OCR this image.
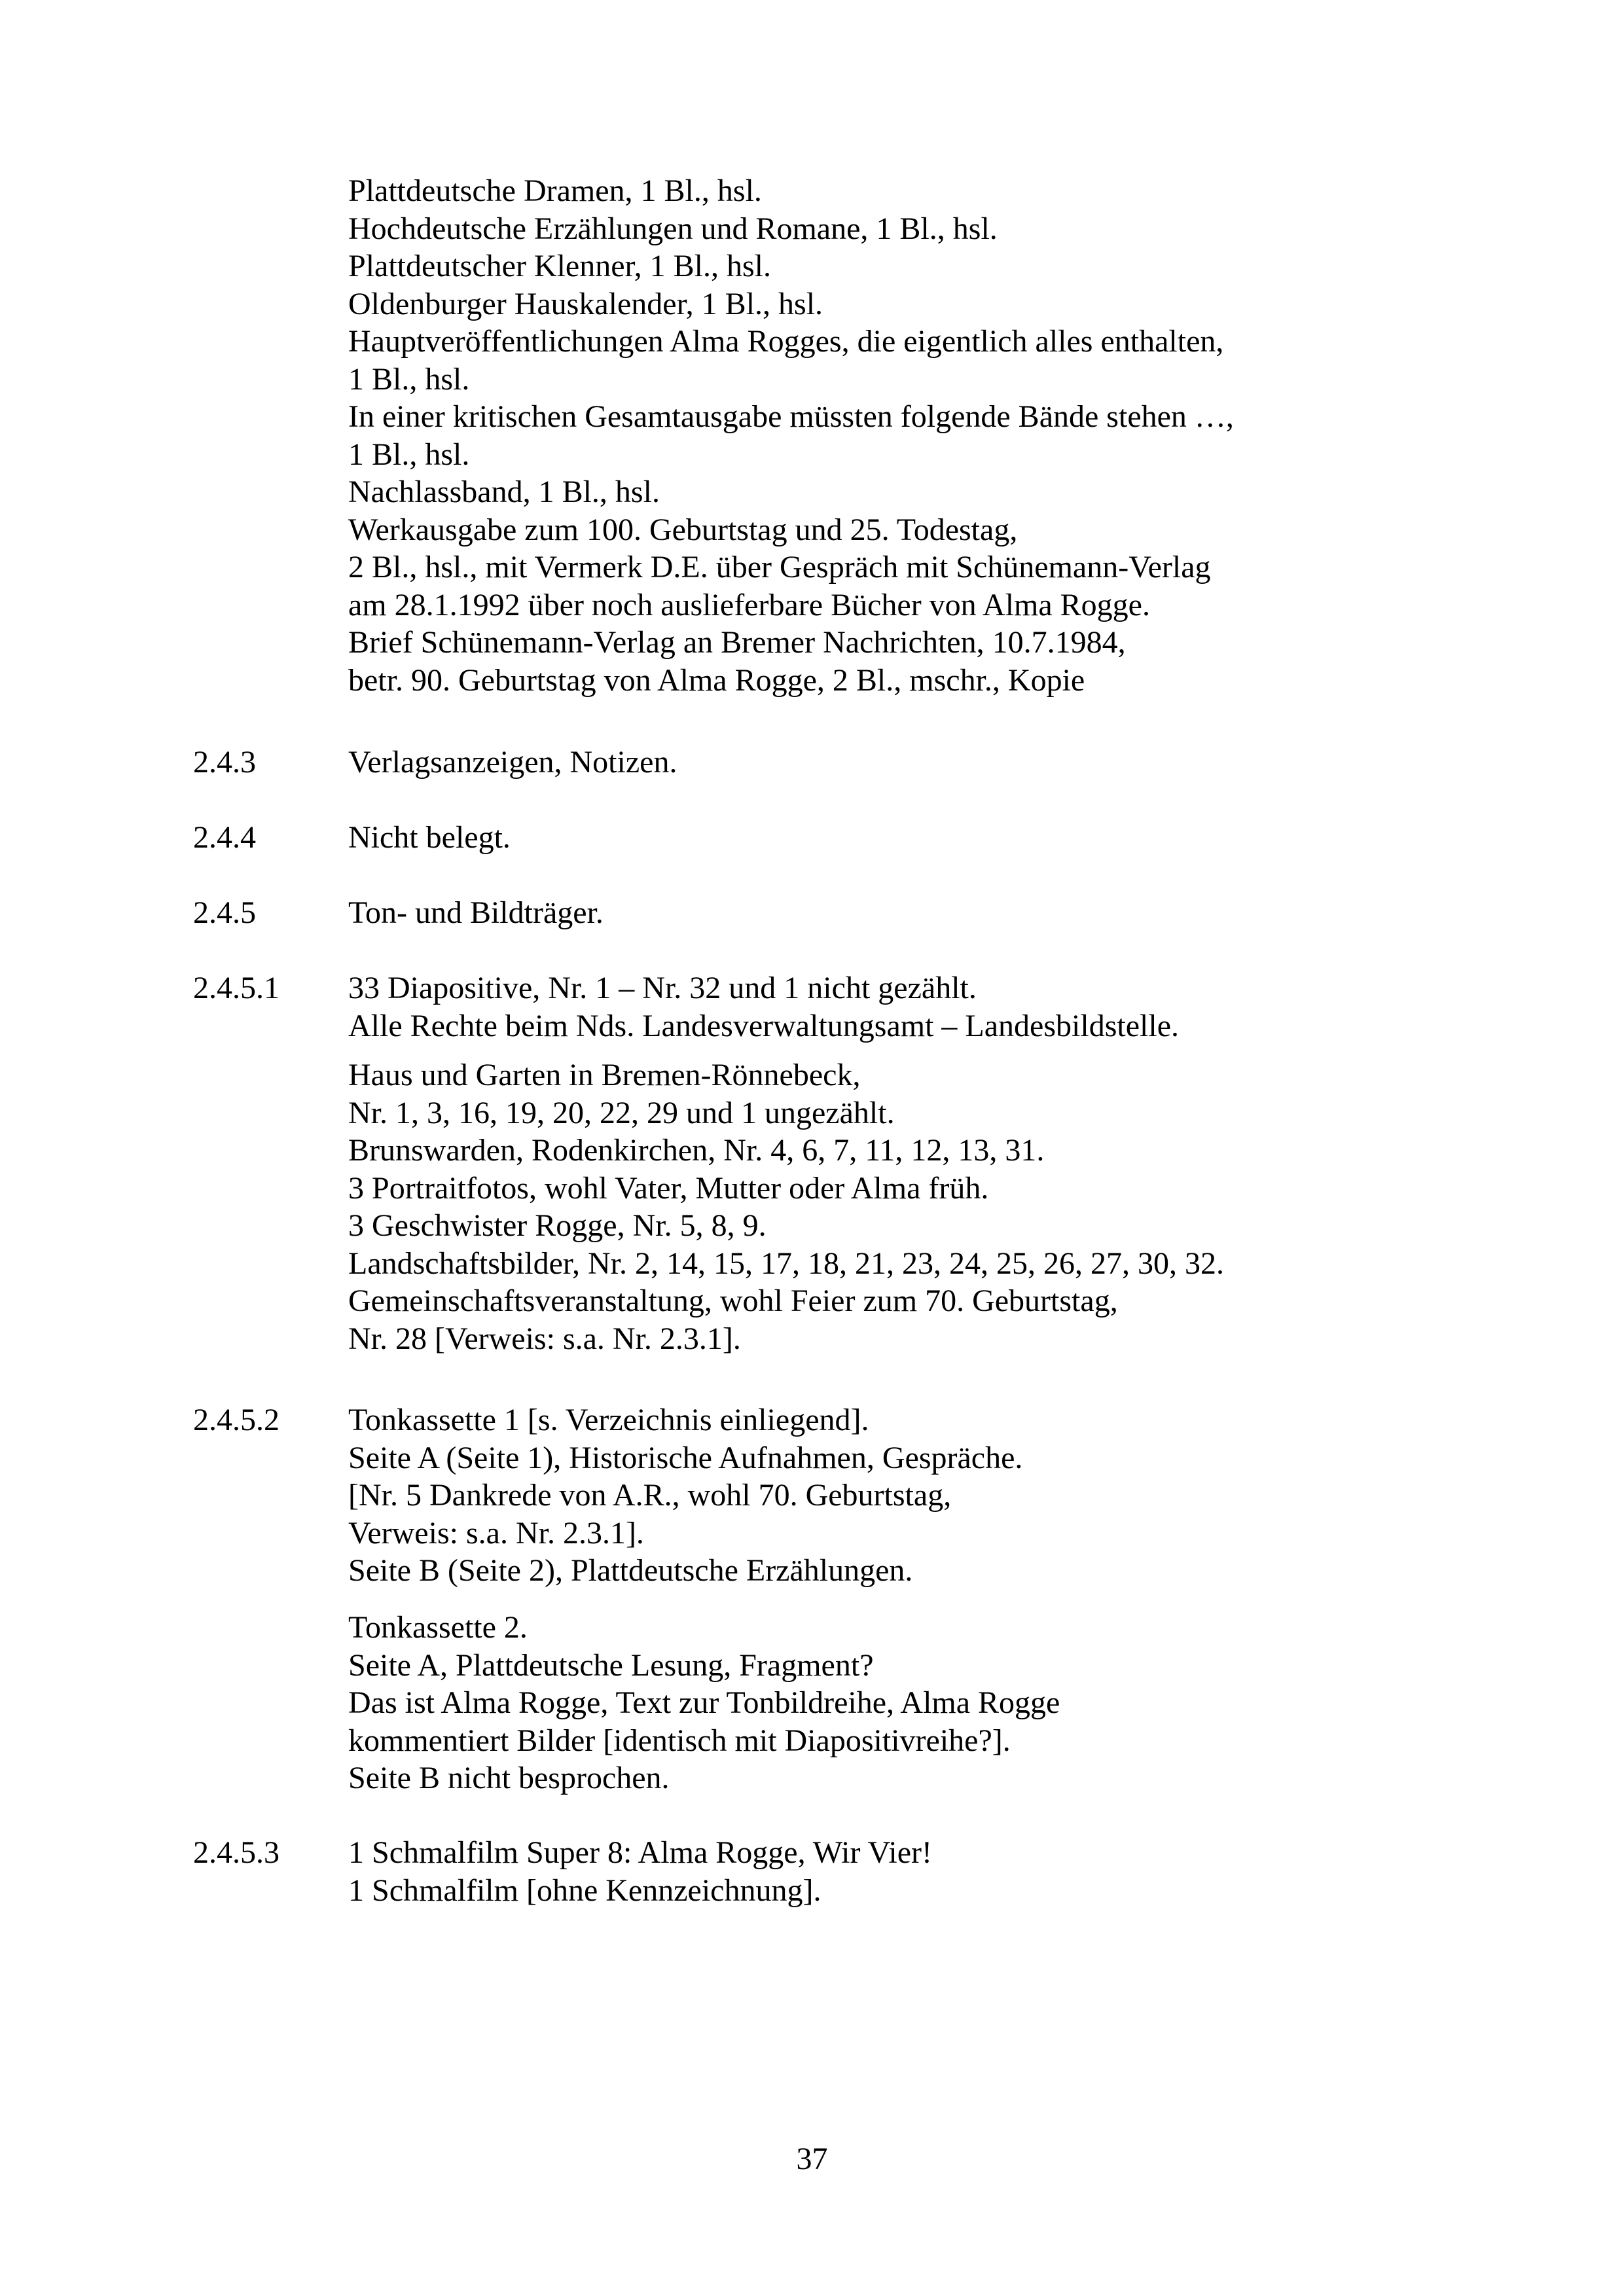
Plattdeutsche Dramen, 1 Bl., hsl.
Hochdeutsche Erzählungen und Romane, 1 Bl., hsl.
Plattdeutscher Klenner, 1 Bl., hsl.
Oldenburger Hauskalender, 1 Bl., hsl.
Hauptveröffentlichungen Alma Rogges, die eigentlich alles enthalten,
1 Bl., hsl.
In einer kritischen Gesamtausgabe müssten folgende Bände stehen …,
1 Bl., hsl.
Nachlassband, 1 Bl., hsl.
Werkausgabe zum 100. Geburtstag und 25. Todestag,
2 Bl., hsl., mit Vermerk D.E. über Gespräch mit Schünemann-Verlag
am 28.1.1992 über noch auslieferbare Bücher von Alma Rogge.
Brief Schünemann-Verlag an Bremer Nachrichten, 10.7.1984,
betr. 90. Geburtstag von Alma Rogge, 2 Bl., mschr., Kopie
2.4.3	Verlagsanzeigen, Notizen.
2.4.4	Nicht belegt.
2.4.5	Ton- und Bildträger.
2.4.5.1 33 Diapositive, Nr. 1 – Nr. 32 und 1 nicht gezählt.
Alle Rechte beim Nds. Landesverwaltungsamt – Landesbildstelle.
Haus und Garten in Bremen-Rönnebeck,
Nr. 1, 3, 16, 19, 20, 22, 29 und 1 ungezählt.
Brunswarden, Rodenkirchen, Nr. 4, 6, 7, 11, 12, 13, 31.
3 Portraitfotos, wohl Vater, Mutter oder Alma früh.
3 Geschwister Rogge, Nr. 5, 8, 9.
Landschaftsbilder, Nr. 2, 14, 15, 17, 18, 21, 23, 24, 25, 26, 27, 30, 32.
Gemeinschaftsveranstaltung, wohl Feier zum 70. Geburtstag,
Nr. 28 [Verweis: s.a. Nr. 2.3.1].
2.4.5.2 Tonkassette 1 [s. Verzeichnis einliegend].
Seite A (Seite 1), Historische Aufnahmen, Gespräche.
[Nr. 5 Dankrede von A.R., wohl 70. Geburtstag,
Verweis: s.a. Nr. 2.3.1].
Seite B (Seite 2), Plattdeutsche Erzählungen.
Tonkassette 2.
Seite A, Plattdeutsche Lesung, Fragment?
Das ist Alma Rogge, Text zur Tonbildreihe, Alma Rogge
kommentiert Bilder [identisch mit Diapositivreihe?].
Seite B nicht besprochen.
2.4.5.3 1 Schmalfilm Super 8: Alma Rogge, Wir Vier!
1 Schmalfilm [ohne Kennzeichnung].
37
